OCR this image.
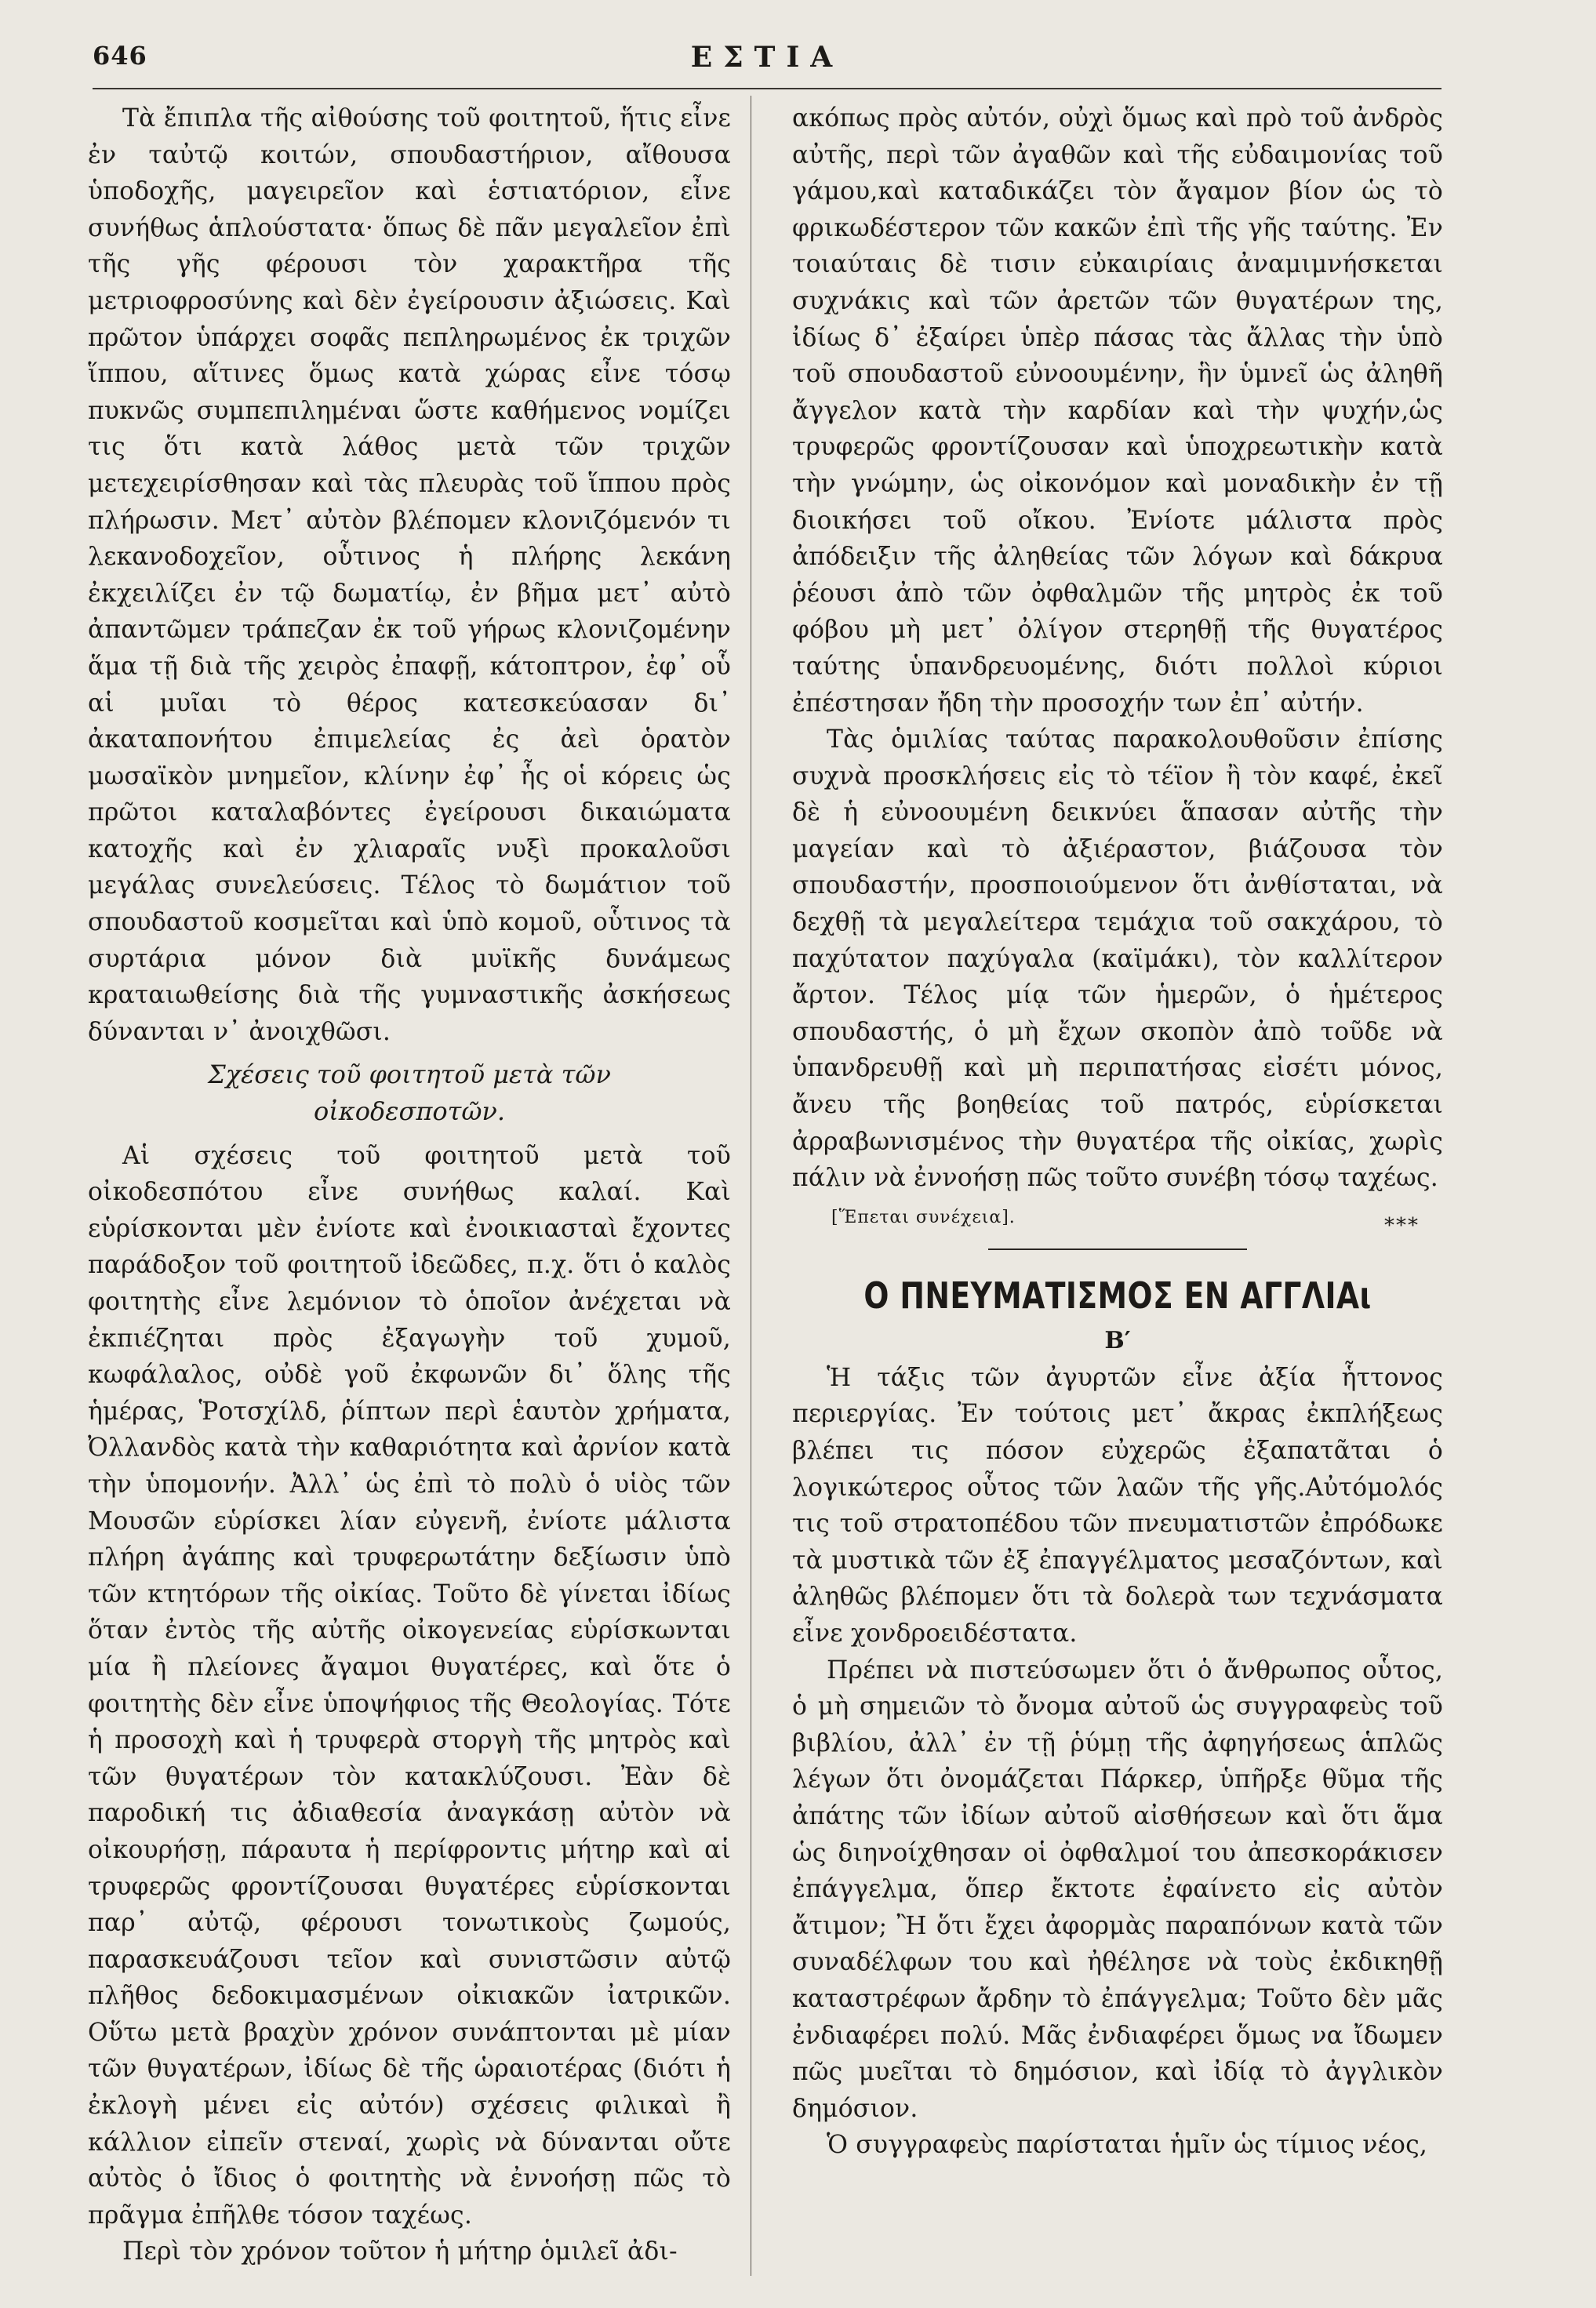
646	ΕΣΤΙΑ

Τὰ ἔπιπλα τῆς αἰθούσης τοῦ φοιτητοῦ, ἥτις εἶνε ἐν ταὐτῷ κοιτών, σπουδαστήριον, αἴθουσα ὑποδοχῆς, μαγειρεῖον καὶ ἑστιατόριον, εἶνε συνήθως ἁπλούστατα· ὅπως δὲ πᾶν μεγαλεῖον ἐπὶ τῆς γῆς φέρουσι τὸν χαρακτῆρα τῆς μετριοφροσύνης καὶ δὲν ἐγείρουσιν ἀξιώσεις. Καὶ πρῶτον ὑπάρχει σοφᾶς πεπληρωμένος ἐκ τριχῶν ἵππου, αἵτινες ὅμως κατὰ χώρας εἶνε τόσῳ πυκνῶς συμπεπιλημέναι ὥστε καθήμενος νομίζει τις ὅτι κατὰ λάθος μετὰ τῶν τριχῶν μετεχειρίσθησαν καὶ τὰς πλευρὰς τοῦ ἵππου πρὸς πλήρωσιν. Μετ᾽ αὐτὸν βλέπομεν κλονιζόμενόν τι λεκανοδοχεῖον, οὗτινος ἡ πλήρης λεκάνη ἐκχειλίζει ἐν τῷ δωματίῳ, ἐν βῆμα μετ᾽ αὐτὸ ἀπαντῶμεν τράπεζαν ἐκ τοῦ γήρως κλονιζομένην ἅμα τῇ διὰ τῆς χειρὸς ἐπαφῇ, κάτοπτρον, ἐφ᾽ οὗ αἱ μυῖαι τὸ θέρος κατεσκεύασαν δι᾽ ἀκαταπονήτου ἐπιμελείας ἐς ἀεὶ ὁρατὸν μωσαϊκὸν μνημεῖον, κλίνην ἐφ᾽ ἧς οἱ κόρεις ὡς πρῶτοι καταλαβόντες ἐγείρουσι δικαιώματα κατοχῆς καὶ ἐν χλιαραῖς νυξὶ προκαλοῦσι μεγάλας συνελεύσεις. Τέλος τὸ δωμάτιον τοῦ σπουδαστοῦ κοσμεῖται καὶ ὑπὸ κομοῦ, οὗτινος τὰ συρτάρια μόνον διὰ μυϊκῆς δυνάμεως κραταιωθείσης διὰ τῆς γυμναστικῆς ἀσκήσεως δύνανται ν᾽ ἀνοιχθῶσι.

Σχέσεις τοῦ φοιτητοῦ μετὰ τῶν
οἰκοδεσποτῶν.

Αἱ σχέσεις τοῦ φοιτητοῦ μετὰ τοῦ οἰκοδεσπότου εἶνε συνήθως καλαί. Καὶ εὑρίσκονται μὲν ἐνίοτε καὶ ἐνοικιασταὶ ἔχοντες παράδοξον τοῦ φοιτητοῦ ἰδεῶδες, π.χ. ὅτι ὁ καλὸς φοιτητὴς εἶνε λεμόνιον τὸ ὁποῖον ἀνέχεται νὰ ἐκπιέζηται πρὸς ἐξαγωγὴν τοῦ χυμοῦ, κωφάλαλος, οὐδὲ γοῦ ἐκφωνῶν δι᾽ ὅλης τῆς ἡμέρας, Ῥοτσχίλδ, ῥίπτων περὶ ἑαυτὸν χρήματα, Ὀλλανδὸς κατὰ τὴν καθαριότητα καὶ ἀρνίον κατὰ τὴν ὑπομονήν. Ἀλλ᾽ ὡς ἐπὶ τὸ πολὺ ὁ υἱὸς τῶν Μουσῶν εὑρίσκει λίαν εὐγενῆ, ἐνίοτε μάλιστα πλήρη ἀγάπης καὶ τρυφερωτάτην δεξίωσιν ὑπὸ τῶν κτητόρων τῆς οἰκίας. Τοῦτο δὲ γίνεται ἰδίως ὅταν ἐντὸς τῆς αὐτῆς οἰκογενείας εὑρίσκωνται μία ἢ πλείονες ἄγαμοι θυγατέρες, καὶ ὅτε ὁ φοιτητὴς δὲν εἶνε ὑποψήφιος τῆς Θεολογίας. Τότε ἡ προσοχὴ καὶ ἡ τρυφερὰ στοργὴ τῆς μητρὸς καὶ τῶν θυγατέρων τὸν κατακλύζουσι. Ἐὰν δὲ παροδική τις ἀδιαθεσία ἀναγκάσῃ αὐτὸν νὰ οἰκουρήσῃ, πάραυτα ἡ περίφροντις μήτηρ καὶ αἱ τρυφερῶς φροντίζουσαι θυγατέρες εὑρίσκονται παρ᾽ αὐτῷ, φέρουσι τονωτικοὺς ζωμούς, παρασκευάζουσι τεῖον καὶ συνιστῶσιν αὐτῷ πλῆθος δεδοκιμασμένων οἰκιακῶν ἰατρικῶν. Οὕτω μετὰ βραχὺν χρόνον συνάπτονται μὲ μίαν τῶν θυγατέρων, ἰδίως δὲ τῆς ὡραιοτέρας (διότι ἡ ἐκλογὴ μένει εἰς αὐτόν) σχέσεις φιλικαὶ ἢ κάλλιον εἰπεῖν στεναί, χωρὶς νὰ δύνανται οὔτε αὐτὸς ὁ ἴδιος ὁ φοιτητὴς νὰ ἐννοήσῃ πῶς τὸ πρᾶγμα ἐπῆλθε τόσον ταχέως.

Περὶ τὸν χρόνον τοῦτον ἡ μήτηρ ὁμιλεῖ ἀδι-

ακόπως πρὸς αὐτόν, οὐχὶ ὅμως καὶ πρὸ τοῦ ἀνδρὸς αὐτῆς, περὶ τῶν ἀγαθῶν καὶ τῆς εὐδαιμονίας τοῦ γάμου,καὶ καταδικάζει τὸν ἄγαμον βίον ὡς τὸ φρικωδέστερον τῶν κακῶν ἐπὶ τῆς γῆς ταύτης. Ἐν τοιαύταις δὲ τισιν εὐκαιρίαις ἀναμιμνήσκεται συχνάκις καὶ τῶν ἀρετῶν τῶν θυγατέρων της, ἰδίως δ᾽ ἐξαίρει ὑπὲρ πάσας τὰς ἄλλας τὴν ὑπὸ τοῦ σπουδαστοῦ εὐνοουμένην, ἣν ὑμνεῖ ὡς ἀληθῆ ἄγγελον κατὰ τὴν καρδίαν καὶ τὴν ψυχήν,ὡς τρυφερῶς φροντίζουσαν καὶ ὑποχρεωτικὴν κατὰ τὴν γνώμην, ὡς οἰκονόμον καὶ μοναδικὴν ἐν τῇ διοικήσει τοῦ οἴκου. Ἐνίοτε μάλιστα πρὸς ἀπόδειξιν τῆς ἀληθείας τῶν λόγων καὶ δάκρυα ῥέουσι ἀπὸ τῶν ὀφθαλμῶν τῆς μητρὸς ἐκ τοῦ φόβου μὴ μετ᾽ ὀλίγον στερηθῇ τῆς θυγατέρος ταύτης ὑπανδρευομένης, διότι πολλοὶ κύριοι ἐπέστησαν ἤδη τὴν προσοχήν των ἐπ᾽ αὐτήν.

Τὰς ὁμιλίας ταύτας παρακολουθοῦσιν ἐπίσης συχνὰ προσκλήσεις εἰς τὸ τέϊον ἢ τὸν καφέ, ἐκεῖ δὲ ἡ εὐνοουμένη δεικνύει ἅπασαν αὐτῆς τὴν μαγείαν καὶ τὸ ἀξιέραστον, βιάζουσα τὸν σπουδαστήν, προσποιούμενον ὅτι ἀνθίσταται, νὰ δεχθῇ τὰ μεγαλείτερα τεμάχια τοῦ σακχάρου, τὸ παχύτατον παχύγαλα (καϊμάκι), τὸν καλλίτερον ἄρτον. Τέλος μίᾳ τῶν ἡμερῶν, ὁ ἡμέτερος σπουδαστής, ὁ μὴ ἔχων σκοπὸν ἀπὸ τοῦδε νὰ ὑπανδρευθῇ καὶ μὴ περιπατήσας εἰσέτι μόνος, ἄνευ τῆς βοηθείας τοῦ πατρός, εὑρίσκεται ἀρραβωνισμένος τὴν θυγατέρα τῆς οἰκίας, χωρὶς πάλιν νὰ ἐννοήσῃ πῶς τοῦτο συνέβη τόσῳ ταχέως.

[Ἕπεται συνέχεια].	***
Ο ΠΝΕΥΜΑΤΙΣΜΟΣ ΕΝ ΑΓΓΛΙΑι
Β′

Ἡ τάξις τῶν ἀγυρτῶν εἶνε ἀξία ἧττονος περιεργίας. Ἐν τούτοις μετ᾽ ἄκρας ἐκπλήξεως βλέπει τις πόσον εὐχερῶς ἐξαπατᾶται ὁ λογικώτερος οὗτος τῶν λαῶν τῆς γῆς.Αὐτόμολός τις τοῦ στρατοπέδου τῶν πνευματιστῶν ἐπρόδωκε τὰ μυστικὰ τῶν ἐξ ἐπαγγέλματος μεσαζόντων, καὶ ἀληθῶς βλέπομεν ὅτι τὰ δολερὰ των τεχνάσματα εἶνε χονδροειδέστατα.

Πρέπει νὰ πιστεύσωμεν ὅτι ὁ ἄνθρωπος οὗτος, ὁ μὴ σημειῶν τὸ ὄνομα αὐτοῦ ὡς συγγραφεὺς τοῦ βιβλίου, ἀλλ᾽ ἐν τῇ ῥύμῃ τῆς ἀφηγήσεως ἁπλῶς λέγων ὅτι ὀνομάζεται Πάρκερ, ὑπῆρξε θῦμα τῆς ἀπάτης τῶν ἰδίων αὐτοῦ αἰσθήσεων καὶ ὅτι ἅμα ὡς διηνοίχθησαν οἱ ὀφθαλμοί του ἀπεσκοράκισεν ἐπάγγελμα, ὅπερ ἔκτοτε ἐφαίνετο εἰς αὐτὸν ἄτιμον; Ἢ ὅτι ἔχει ἀφορμὰς παραπόνων κατὰ τῶν συναδέλφων του καὶ ἠθέλησε νὰ τοὺς ἐκδικηθῇ καταστρέφων ἄρδην τὸ ἐπάγγελμα; Τοῦτο δὲν μᾶς ἐνδιαφέρει πολύ. Μᾶς ἐνδιαφέρει ὅμως να ἴδωμεν πῶς μυεῖται τὸ δημόσιον, καὶ ἰδίᾳ τὸ ἀγγλικὸν δημόσιον.

Ὁ συγγραφεὺς παρίσταται ἡμῖν ὡς τίμιος νέος,
